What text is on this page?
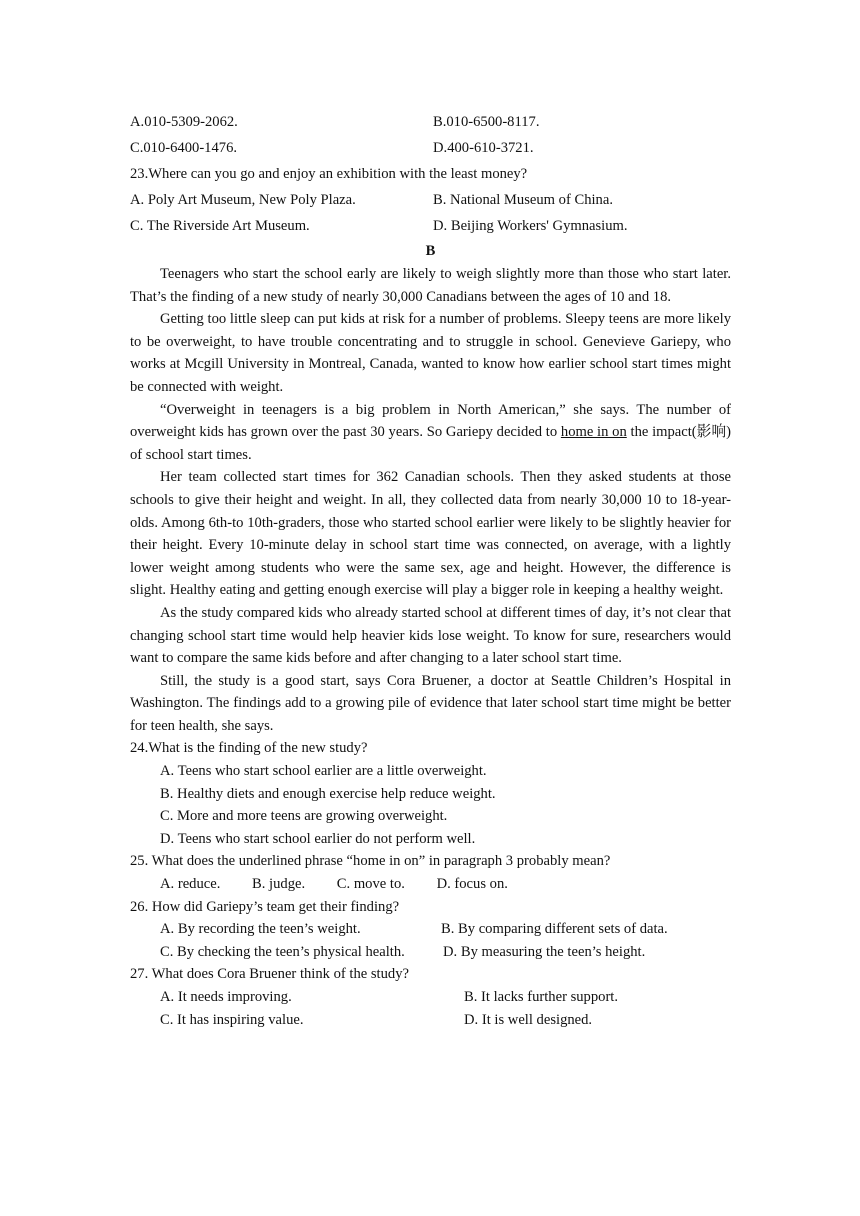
A.010-5309-2062.	B.010-6500-8117.
C.010-6400-1476.	D.400-610-3721.
23.Where can you go and enjoy an exhibition with the least money?
A. Poly Art Museum, New Poly Plaza.	B. National Museum of China.
C. The Riverside Art Museum.	D. Beijing Workers' Gymnasium.
B

Teenagers who start the school early are likely to weigh slightly more than those who start later. That’s the finding of a new study of nearly 30,000 Canadians between the ages of 10 and 18.

Getting too little sleep can put kids at risk for a number of problems. Sleepy teens are more likely to be overweight, to have trouble concentrating and to struggle in school. Genevieve Gariepy, who works at Mcgill University in Montreal, Canada, wanted to know how earlier school start times might be connected with weight.

“Overweight in teenagers is a big problem in North American,” she says. The number of overweight kids has grown over the past 30 years. So Gariepy decided to home in on the impact(影响) of school start times.

Her team collected start times for 362 Canadian schools. Then they asked students at those schools to give their height and weight. In all, they collected data from nearly 30,000 10 to 18-year-olds. Among 6th-to 10th-graders, those who started school earlier were likely to be slightly heavier for their height. Every 10-minute delay in school start time was connected, on average, with a lightly lower weight among students who were the same sex, age and height. However, the difference is slight. Healthy eating and getting enough exercise will play a bigger role in keeping a healthy weight.

As the study compared kids who already started school at different times of day, it’s not clear that changing school start time would help heavier kids lose weight. To know for sure, researchers would want to compare the same kids before and after changing to a later school start time.

Still, the study is a good start, says Cora Bruener, a doctor at Seattle Children’s Hospital in Washington. The findings add to a growing pile of evidence that later school start time might be better for teen health, she says.

24.What is the finding of the new study?
A. Teens who start school earlier are a little overweight.
B. Healthy diets and enough exercise help reduce weight.
C. More and more teens are growing overweight.
D. Teens who start school earlier do not perform well.
25. What does the underlined phrase “home in on” in paragraph 3 probably mean?
A. reduce. B. judge. C. move to. D. focus on.
26. How did Gariepy’s team get their finding?
A. By recording the teen’s weight.	B. By comparing different sets of data.
C. By checking the teen’s physical health.	D. By measuring the teen’s height.
27. What does Cora Bruener think of the study?
A. It needs improving.	B. It lacks further support.
C. It has inspiring value.	D. It is well designed.
